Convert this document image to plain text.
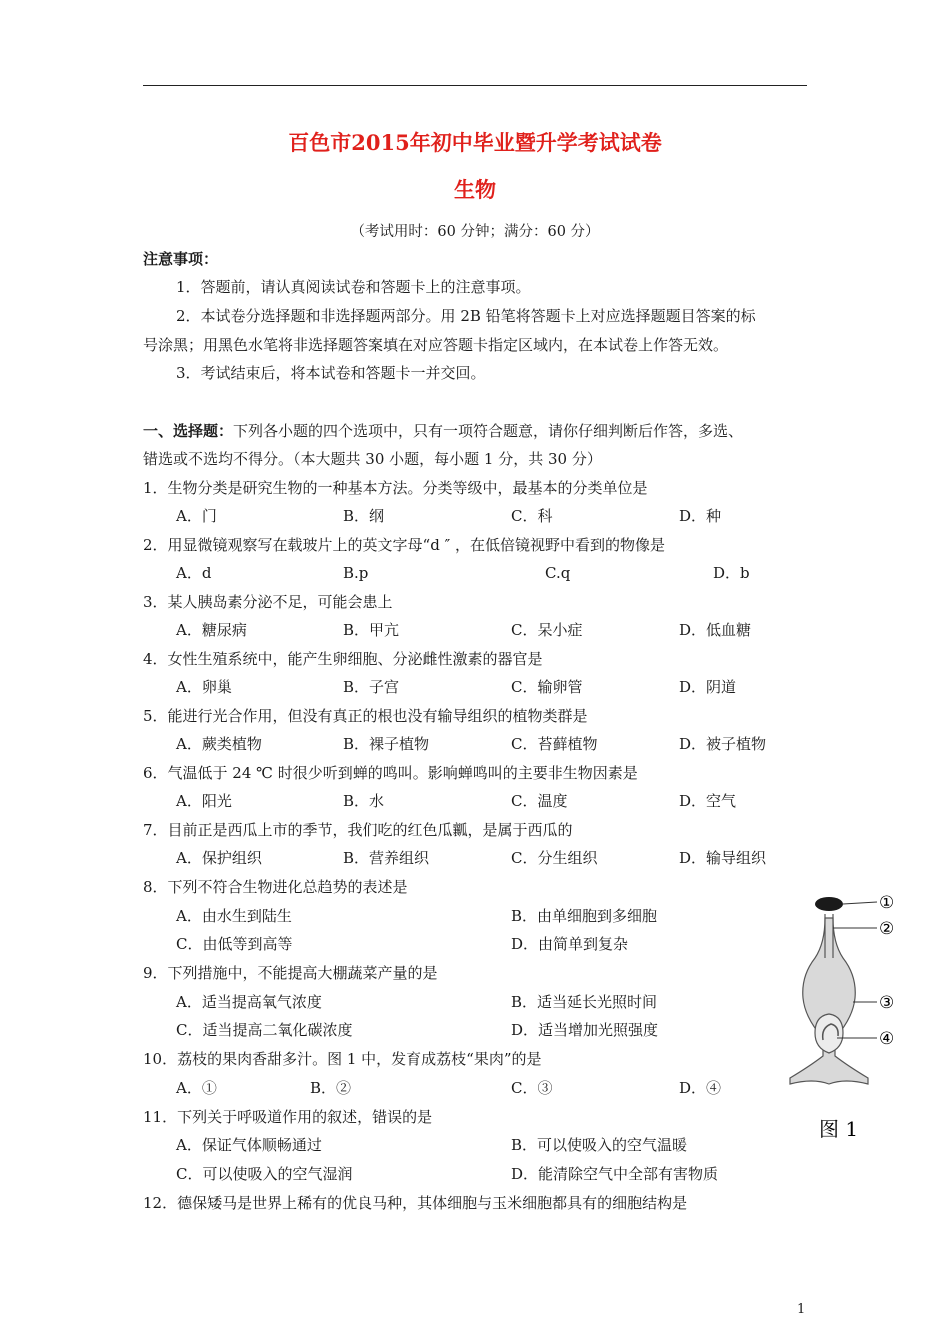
百色市2015年初中毕业暨升学考试试卷
生物
（考试用时：60 分钟；满分：60 分）
注意事项：
1．答题前，请认真阅读试卷和答题卡上的注意事项。
2．本试卷分选择题和非选择题两部分。用 2B 铅笔将答题卡上对应选择题题目答案的标
号涂黑；用黑色水笔将非选择题答案填在对应答题卡指定区域内，在本试卷上作答无效。
3．考试结束后，将本试卷和答题卡一并交回。
一、选择题：下列各小题的四个选项中，只有一项符合题意，请你仔细判断后作答，多选、
错选或不选均不得分。（本大题共 30 小题，每小题 1 分，共 30 分）
1．生物分类是研究生物的一种基本方法。分类等级中，最基本的分类单位是
A．门	B．纲	C．科	D．种
2．用显微镜观察写在载玻片上的英文字母“d ″ ，在低倍镜视野中看到的物像是
A．d	B.p	C.q	D．b
3．某人胰岛素分泌不足，可能会患上
A．糖尿病	B．甲亢	C．呆小症	D．低血糖
4．女性生殖系统中，能产生卵细胞、分泌雌性激素的器官是
A．卵巢	B．子宫	C．输卵管	D．阴道
5．能进行光合作用，但没有真正的根也没有输导组织的植物类群是
A．蕨类植物	B．裸子植物	C．苔藓植物	D．被子植物
6．气温低于 24 ℃ 时很少听到蝉的鸣叫。影响蝉鸣叫的主要非生物因素是
A．阳光	B．水	C．温度	D．空气
7．目前正是西瓜上市的季节，我们吃的红色瓜瓤，是属于西瓜的
A．保护组织	B．营养组织	C．分生组织	D．输导组织
8．下列不符合生物进化总趋势的表述是
A．由水生到陆生	B．由单细胞到多细胞
C．由低等到高等	D．由简单到复杂
9．下列措施中，不能提高大棚蔬菜产量的是
A．适当提高氧气浓度	B．适当延长光照时间
C．适当提高二氧化碳浓度	D．适当增加光照强度
10．荔枝的果肉香甜多汁。图 1 中，发育成荔枝“果肉”的是
A．①	B．②	C．③	D．④
11．下列关于呼吸道作用的叙述，错误的是
A．保证气体顺畅通过	B．可以使吸入的空气温暖
C．可以使吸入的空气湿润	D．能清除空气中全部有害物质
12．德保矮马是世界上稀有的优良马种，其体细胞与玉米细胞都具有的细胞结构是
①
②
③
④
图 1
1
